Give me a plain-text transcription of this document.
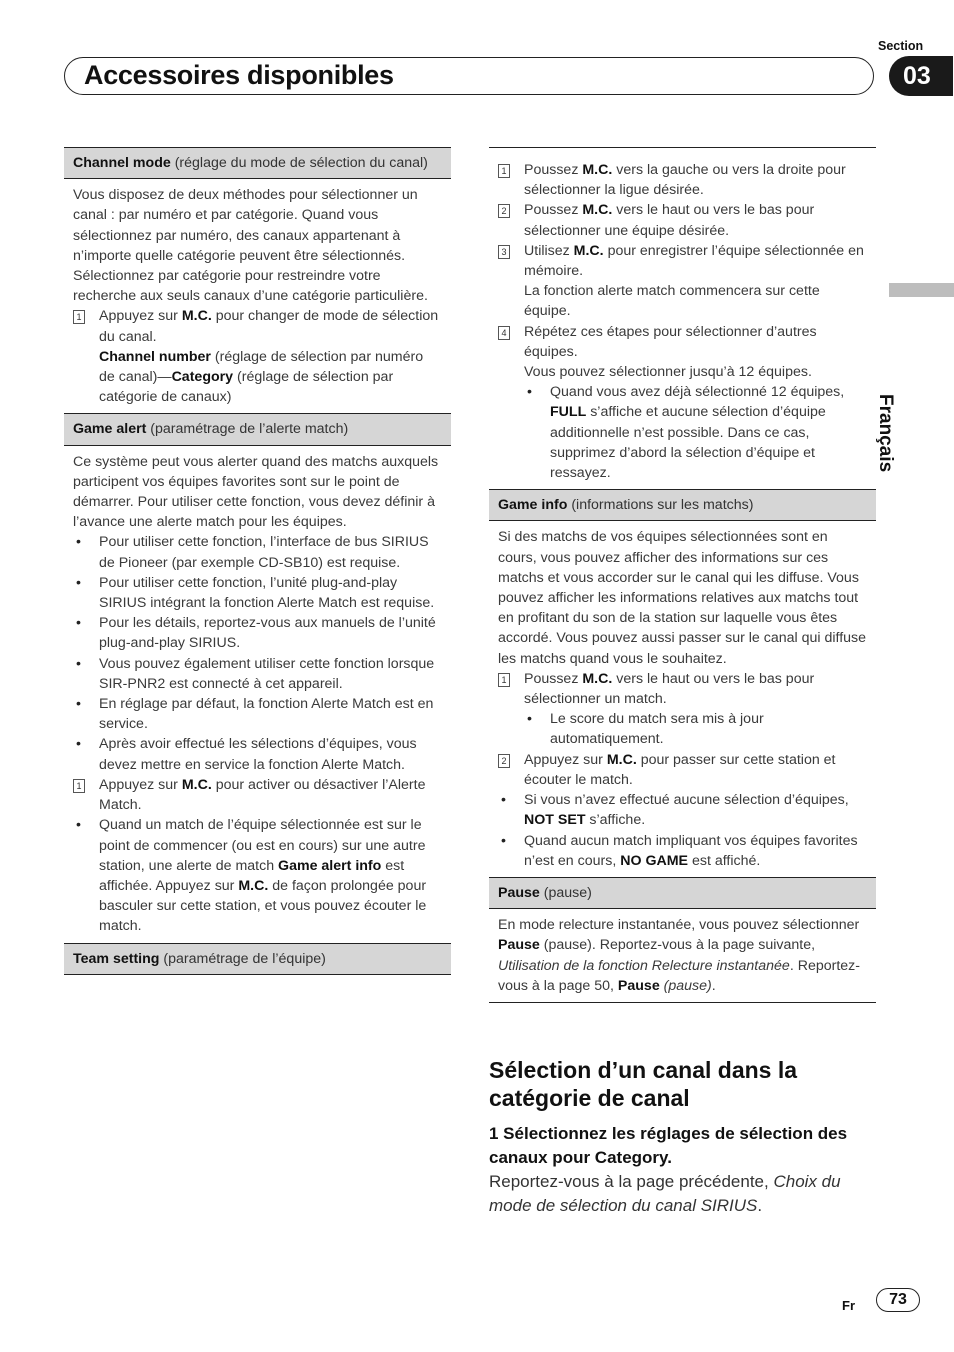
Accessoires disponibles
Section
03
Français
Channel mode (réglage du mode de sélection du canal)

Vous disposez de deux méthodes pour sélectionner un canal : par numéro et par catégorie. Quand vous sélectionnez par numéro, des canaux appartenant à n’importe quelle catégorie peuvent être sélectionnés. Sélectionnez par catégorie pour restreindre votre recherche aux seuls canaux d’une catégorie particulière.

1 Appuyez sur M.C. pour changer de mode de sélection du canal.

Channel number (réglage de sélection par numéro de canal)—Category (réglage de sélection par catégorie de canaux)

Game alert (paramétrage de l’alerte match)

Ce système peut vous alerter quand des matchs auxquels participent vos équipes favorites sont sur le point de démarrer. Pour utiliser cette fonction, vous devez définir à l’avance une alerte match pour les équipes.

• Pour utiliser cette fonction, l’interface de bus SIRIUS de Pioneer (par exemple CD-SB10) est requise.

• Pour utiliser cette fonction, l’unité plug-and-play SIRIUS intégrant la fonction Alerte Match est requise.

• Pour les détails, reportez-vous aux manuels de l’unité plug-and-play SIRIUS.

• Vous pouvez également utiliser cette fonction lorsque SIR-PNR2 est connecté à cet appareil.

• En réglage par défaut, la fonction Alerte Match est en service.

• Après avoir effectué les sélections d’équipes, vous devez mettre en service la fonction Alerte Match.

1 Appuyez sur M.C. pour activer ou désactiver l’Alerte Match.

• Quand un match de l’équipe sélectionnée est sur le point de commencer (ou est en cours) sur une autre station, une alerte de match Game alert info est affichée. Appuyez sur M.C. de façon prolongée pour basculer sur cette station, et vous pouvez écouter le match.

Team setting (paramétrage de l’équipe)

1 Poussez M.C. vers la gauche ou vers la droite pour sélectionner la ligue désirée.

2 Poussez M.C. vers le haut ou vers le bas pour sélectionner une équipe désirée.

3 Utilisez M.C. pour enregistrer l’équipe sélectionnée en mémoire.

La fonction alerte match commencera sur cette équipe.

4 Répétez ces étapes pour sélectionner d’autres équipes.

Vous pouvez sélectionner jusqu’à 12 équipes.

• Quand vous avez déjà sélectionné 12 équipes, FULL s’affiche et aucune sélection d’équipe additionnelle n’est possible. Dans ce cas, supprimez d’abord la sélection d’équipe et ressayez.

Game info (informations sur les matchs)

Si des matchs de vos équipes sélectionnées sont en cours, vous pouvez afficher des informations sur ces matchs et vous accorder sur le canal qui les diffuse. Vous pouvez afficher les informations relatives aux matchs tout en profitant du son de la station sur laquelle vous êtes accordé. Vous pouvez aussi passer sur le canal qui diffuse les matchs quand vous le souhaitez.

1 Poussez M.C. vers le haut ou vers le bas pour sélectionner un match.

• Le score du match sera mis à jour automatiquement.

2 Appuyez sur M.C. pour passer sur cette station et écouter le match.

• Si vous n’avez effectué aucune sélection d’équipes, NOT SET s’affiche.

• Quand aucun match impliquant vos équipes favorites n’est en cours, NO GAME est affiché.

Pause (pause)

En mode relecture instantanée, vous pouvez sélectionner Pause (pause). Reportez-vous à la page suivante, Utilisation de la fonction Relecture instantanée. Reportez-vous à la page 50, Pause (pause).

Sélection d’un canal dans la catégorie de canal
1 Sélectionnez les réglages de sélection des canaux pour Category.
Reportez-vous à la page précédente, Choix du mode de sélection du canal SIRIUS.
Fr	73
